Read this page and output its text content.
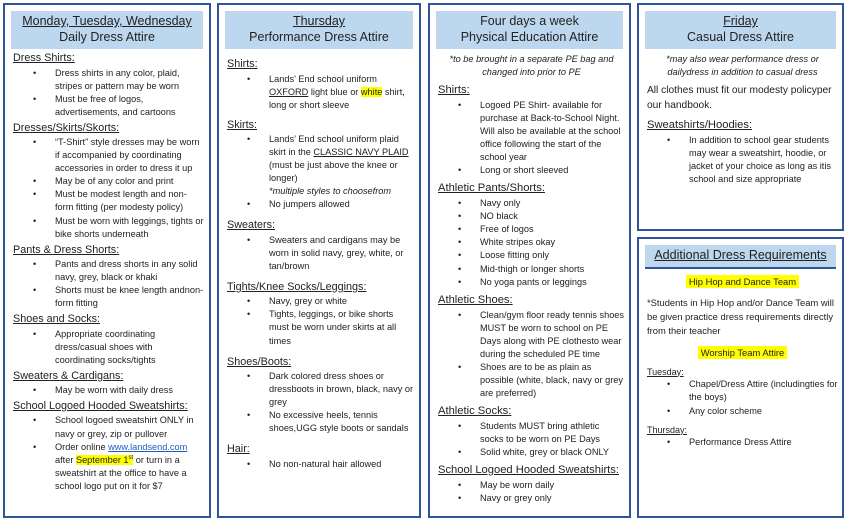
Monday, Tuesday, Wednesday
Daily Dress Attire
Dress Shirts:
• Dress shirts in any color, plaid, stripes or pattern may be worn
• Must be free of logos, advertisements, and cartoons
Dresses/Skirts/Skorts:
• “T-Shirt” style dresses may be worn if accompanied by coordinating accessories in order to dress it up
• May be of any color and print
• Must be modest length and non-form fitting (per modesty policy)
• Must be worn with leggings, tights or bike shorts underneath
Pants & Dress Shorts:
• Pants and dress shorts in any solid navy, grey, black or khaki
• Shorts must be knee length andnon-form fitting
Shoes and Socks:
• Appropriate coordinating dress/casual shoes with coordinating socks/tights
Sweaters & Cardigans:
• May be worn with daily dress
School Logoed Hooded Sweatshirts:
• School logoed sweatshirt ONLY in navy or grey, zip or pullover
• Order online www.landsend.com after September 1st or turn in a sweatshirt at the office to have a school logo put on it for $7
Thursday
Performance Dress Attire
Shirts:
• Lands’ End school uniform OXFORD light blue or white shirt, long or short sleeve
Skirts:
• Lands’ End school uniform plaid skirt in the CLASSIC NAVY PLAID (must be just above the knee or longer)
*multiple styles to choosefrom
• No jumpers allowed
Sweaters:
• Sweaters and cardigans may be worn in solid navy, grey, white, or tan/brown
Tights/Knee Socks/Leggings:
• Navy, grey or white
• Tights, leggings, or bike shorts must be worn under skirts at all times
Shoes/Boots:
• Dark colored dress shoes or dressboots in brown, black, navy or grey
• No excessive heels, tennis shoes,UGG style boots or sandals
Hair:
• No non-natural hair allowed
Four days a week
Physical Education Attire
*to be brought in a separate PE bag and changed into prior to PE
Shirts:
• Logoed PE Shirt- available for purchase at Back-to-School Night. Will also be available at the school office following the start of the school year
• Long or short sleeved
Athletic Pants/Shorts:
• Navy only
• NO black
• Free of logos
• White stripes okay
• Loose fitting only
• Mid-thigh or longer shorts
• No yoga pants or leggings
Athletic Shoes:
• Clean/gym floor ready tennis shoes MUST be worn to school on PE Days along with PE clothesto wear during the scheduled PE time
• Shoes are to be as plain as possible (white, black, navy or grey are preferred)
Athletic Socks:
• Students MUST bring athletic socks to be worn on PE Days
• Solid white, grey or black ONLY
School Logoed Hooded Sweatshirts:
• May be worn daily
• Navy or grey only
Friday
Casual Dress Attire
*may also wear performance dress or dailydress in addition to casual dress
All clothes must fit our modesty policyper our handbook.
Sweatshirts/Hoodies:
• In addition to school gear students may wear a sweatshirt, hoodie, or jacket of your choice as long as itis school and size appropriate
Additional Dress Requirements
Hip Hop and Dance Team
*Students in Hip Hop and/or Dance Team will be given practice dress requirements directly from their teacher
Worship Team Attire
Tuesday:
• Chapel/Dress Attire (includingties for the boys)
• Any color scheme
Thursday:
• Performance Dress Attire
